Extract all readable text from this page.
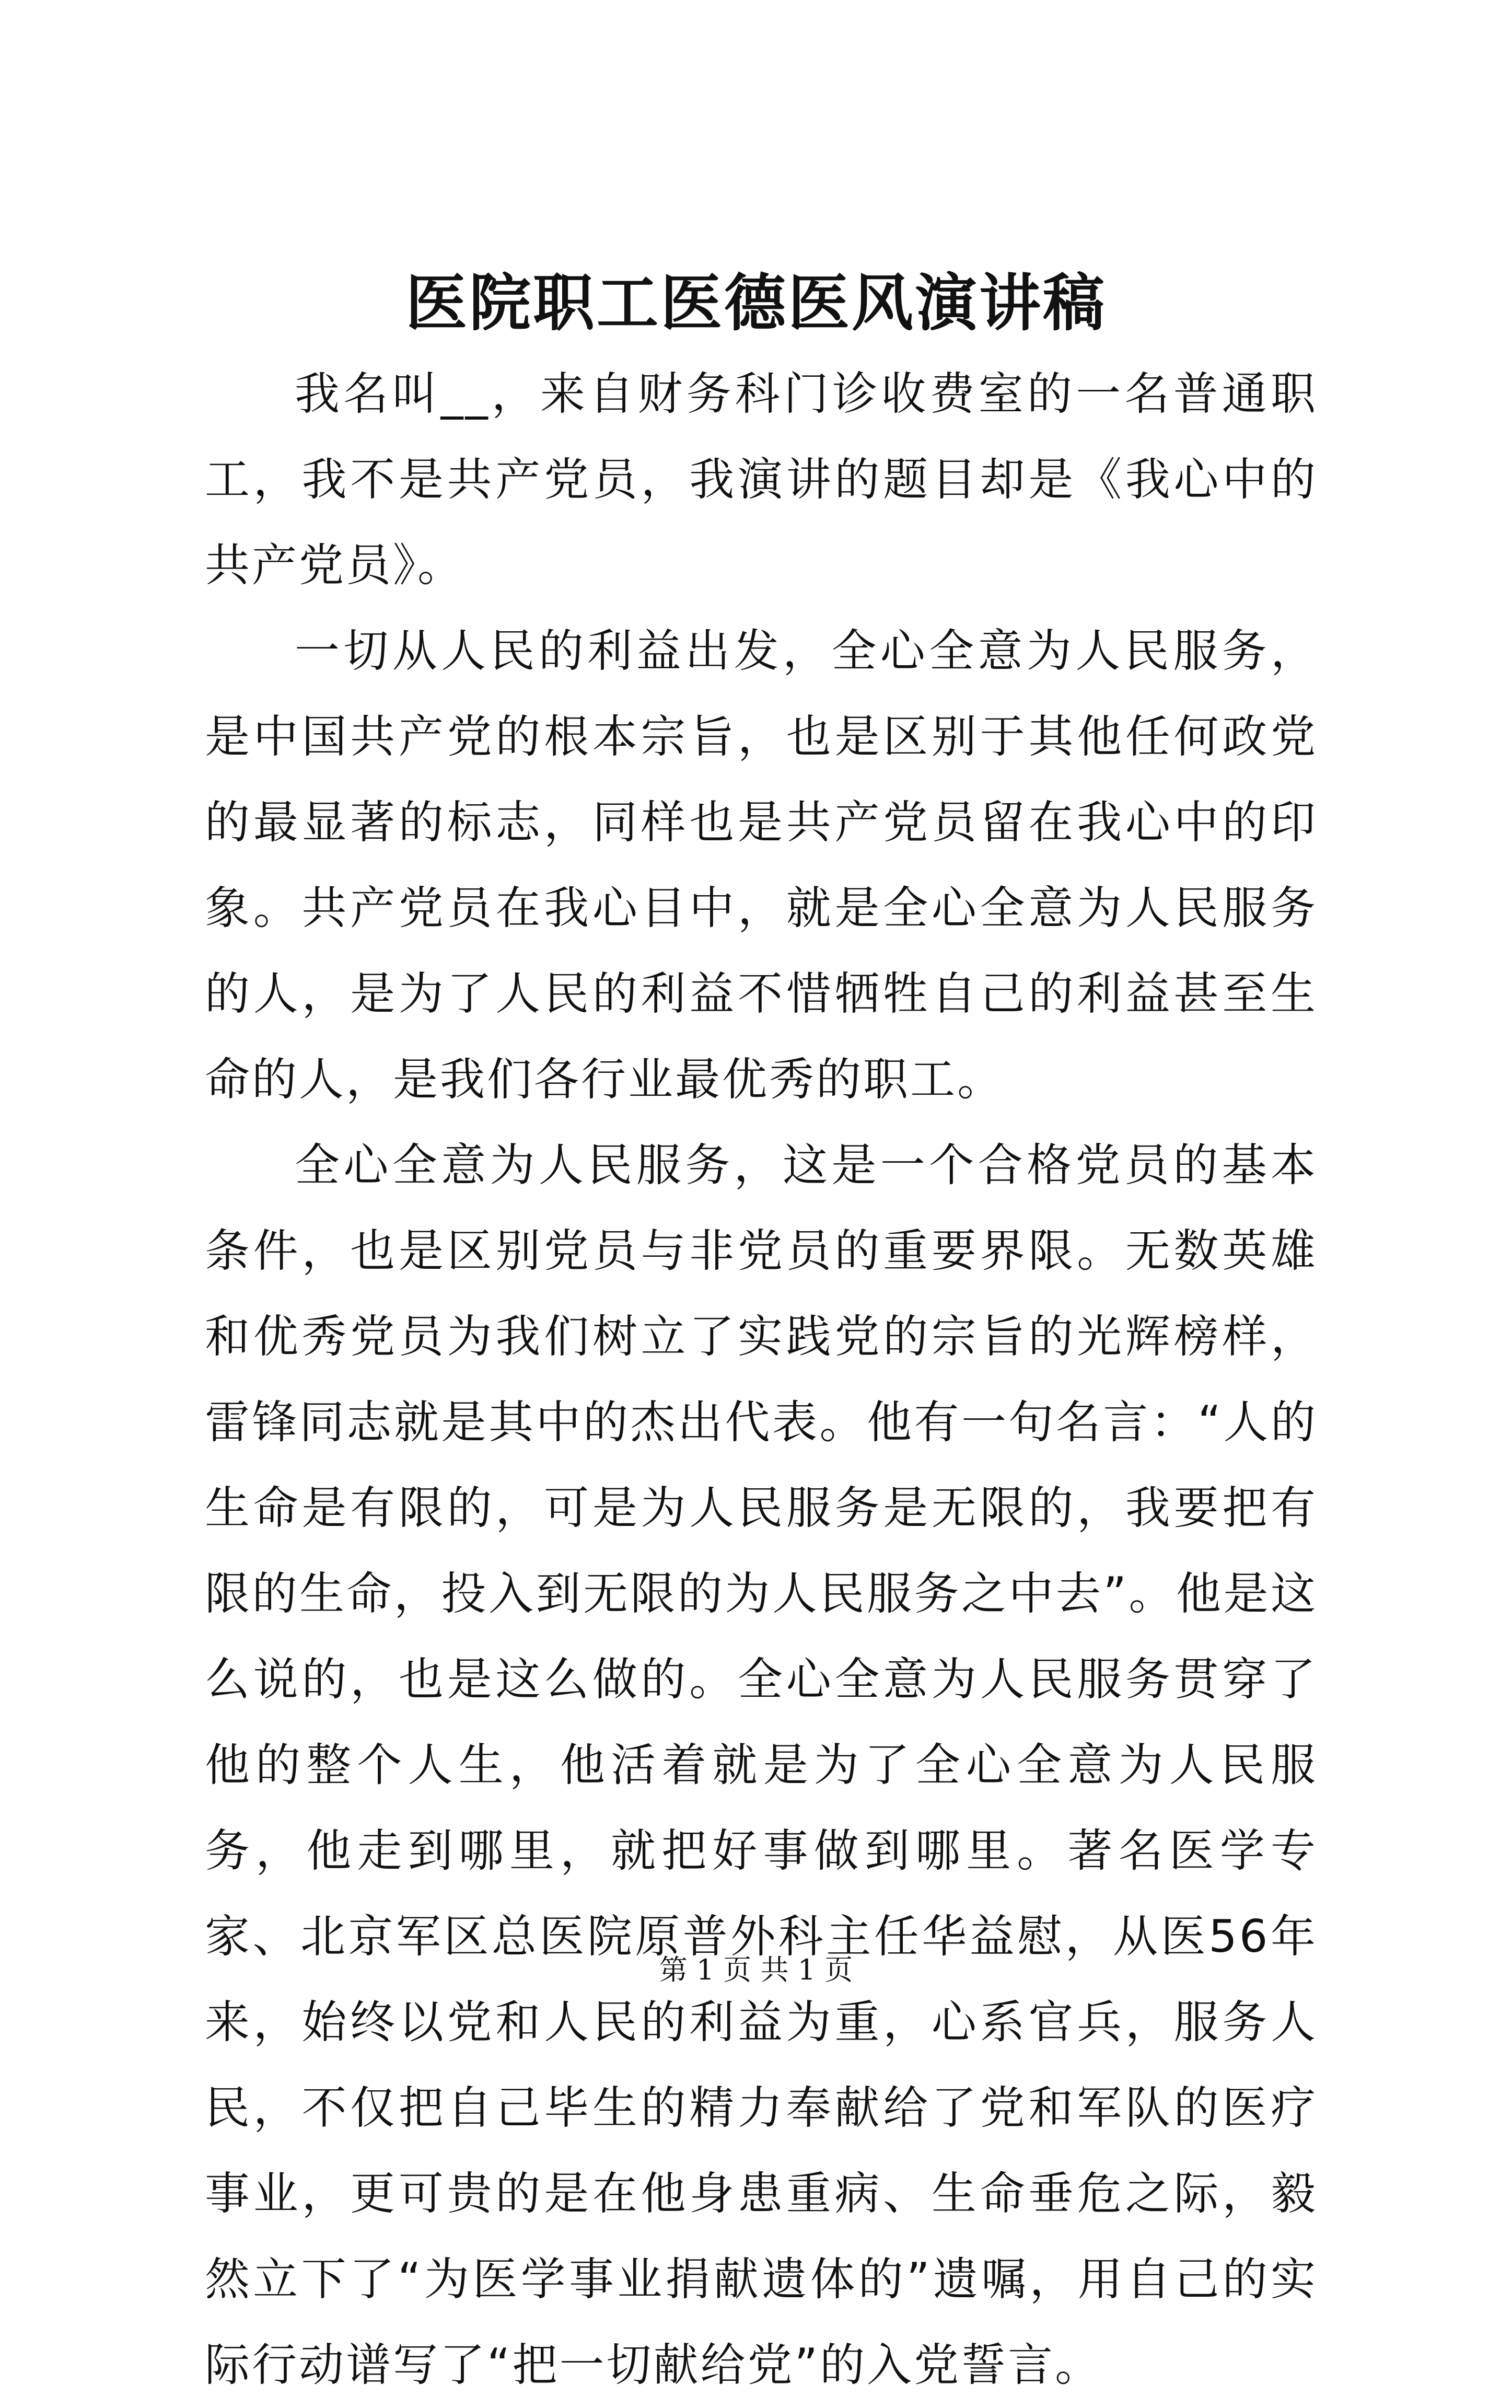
医院职工医德医风演讲稿

我名叫__，来自财务科门诊收费室的一名普通职工，我不是共产党员，我演讲的题目却是《我心中的共产党员》。

一切从人民的利益出发，全心全意为人民服务，是中国共产党的根本宗旨，也是区别于其他任何政党的最显著的标志，同样也是共产党员留在我心中的印象。共产党员在我心目中，就是全心全意为人民服务的人，是为了人民的利益不惜牺牲自己的利益甚至生命的人，是我们各行业最优秀的职工。

全心全意为人民服务，这是一个合格党员的基本条件，也是区别党员与非党员的重要界限。无数英雄和优秀党员为我们树立了实践党的宗旨的光辉榜样，雷锋同志就是其中的杰出代表。他有一句名言：“人的生命是有限的，可是为人民服务是无限的，我要把有限的生命，投入到无限的为人民服务之中去”。他是这么说的，也是这么做的。全心全意为人民服务贯穿了他的整个人生，他活着就是为了全心全意为人民服务，他走到哪里，就把好事做到哪里。著名医学专家、北京军区总医院原普外科主任华益慰，从医56年来，始终以党和人民的利益为重，心系官兵，服务人民，不仅把自己毕生的精力奉献给了党和军队的医疗事业，更可贵的是在他身患重病、生命垂危之际，毅然立下了“为医学事业捐献遗体的”遗嘱，用自己的实际行动谱写了“把一切献给党”的入党誓言。

第 1 页 共 1 页
